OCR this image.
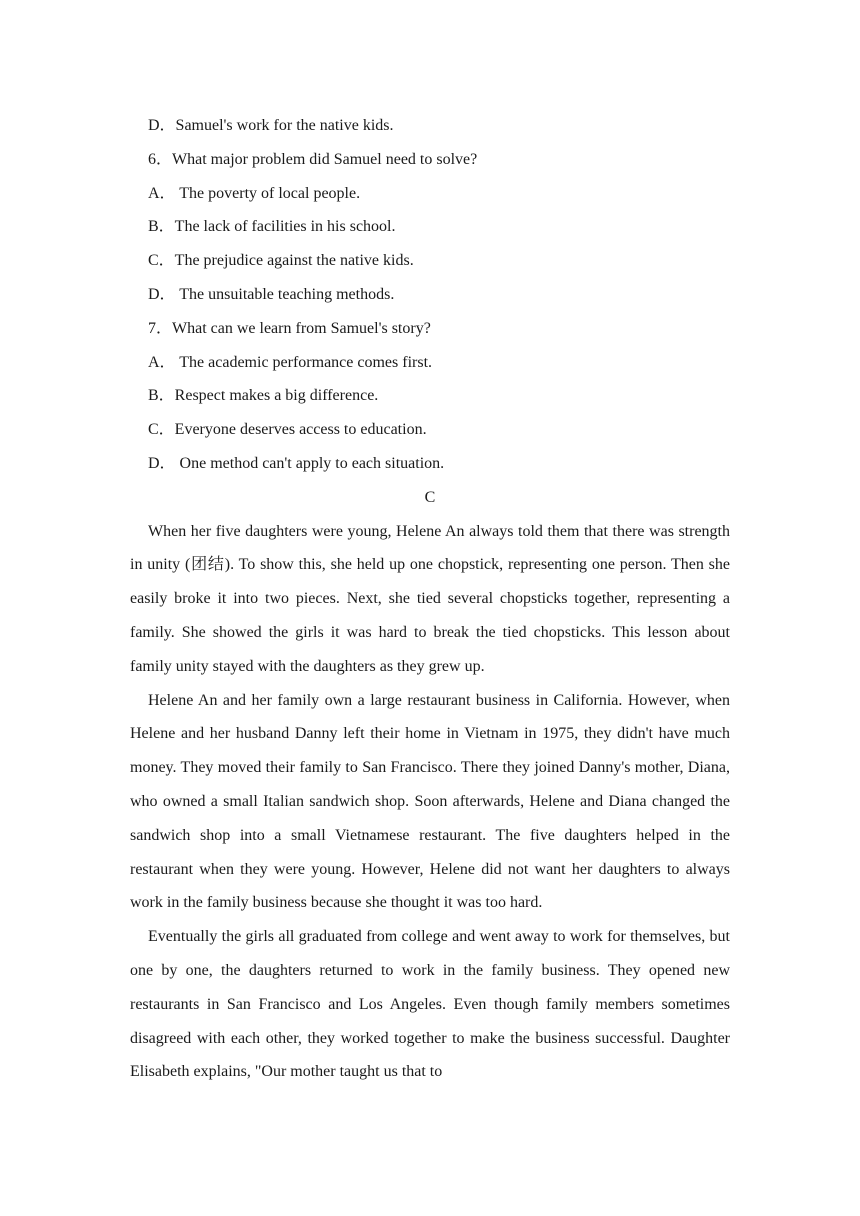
D．Samuel's work for the native kids.
6．What major problem did Samuel need to solve?
A． The poverty of local people.
B．The lack of facilities in his school.
C．The prejudice against the native kids.
D． The unsuitable teaching methods.
7．What can we learn from Samuel's story?
A． The academic performance comes first.
B．Respect makes a big difference.
C．Everyone deserves access to education.
D． One method can't apply to each situation.
C

When her five daughters were young, Helene An always told them that there was strength in unity (团结). To show this, she held up one chopstick, representing one person. Then she easily broke it into two pieces. Next, she tied several chopsticks together, representing a family. She showed the girls it was hard to break the tied chopsticks. This lesson about family unity stayed with the daughters as they grew up.

Helene An and her family own a large restaurant business in California. However, when Helene and her husband Danny left their home in Vietnam in 1975, they didn't have much money. They moved their family to San Francisco. There they joined Danny's mother, Diana, who owned a small Italian sandwich shop. Soon afterwards, Helene and Diana changed the sandwich shop into a small Vietnamese restaurant. The five daughters helped in the restaurant when they were young. However, Helene did not want her daughters to always work in the family business because she thought it was too hard.

Eventually the girls all graduated from college and went away to work for themselves, but one by one, the daughters returned to work in the family business. They opened new restaurants in San Francisco and Los Angeles. Even though family members sometimes disagreed with each other, they worked together to make the business successful. Daughter Elisabeth explains, "Our mother taught us that to
